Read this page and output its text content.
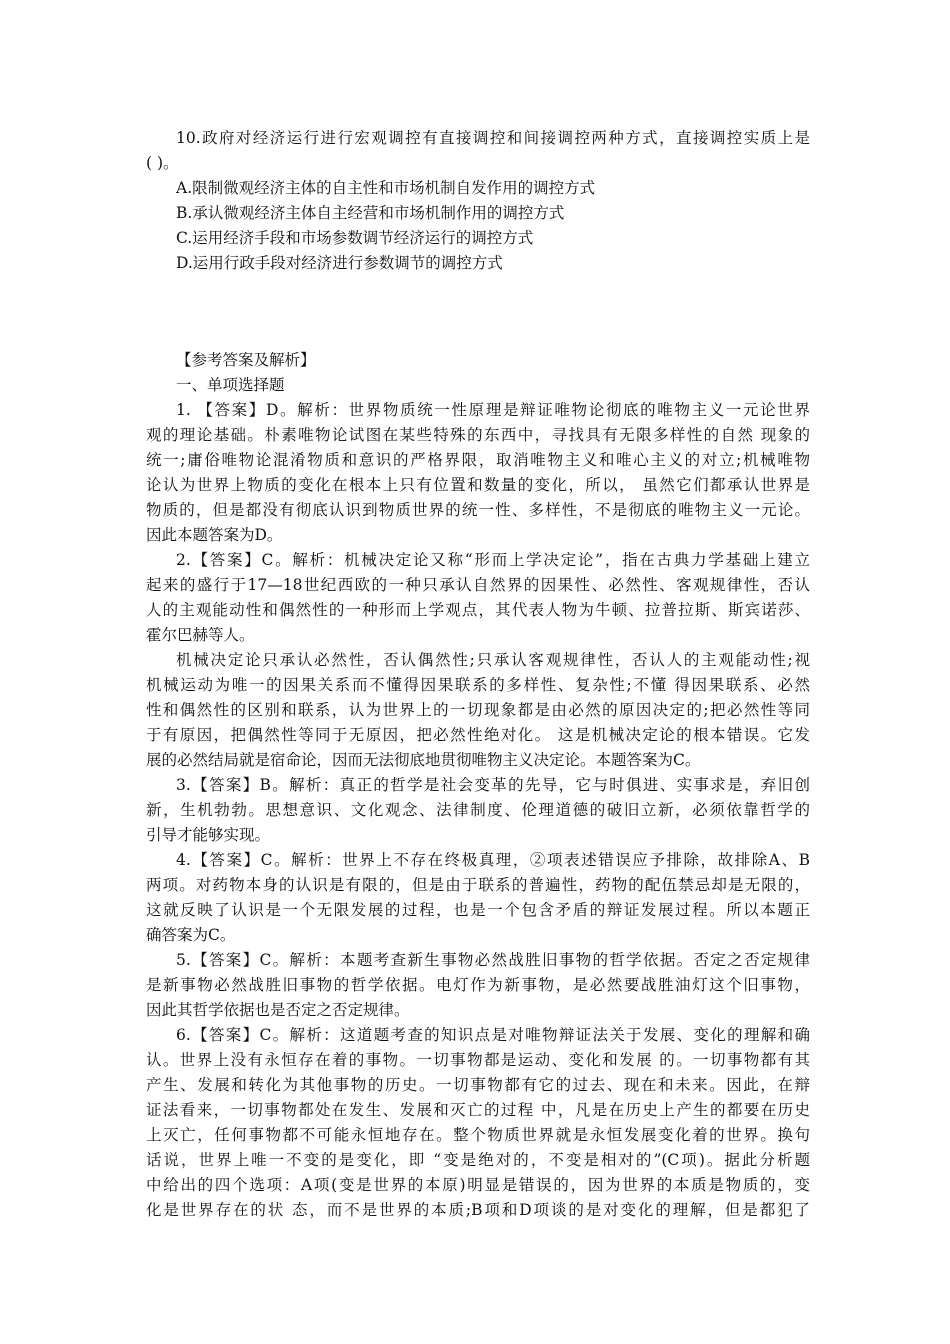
10.政府对经济运行进行宏观调控有直接调控和间接调控两种方式，直接调控实质上是
( )。
A.限制微观经济主体的自主性和市场机制自发作用的调控方式
B.承认微观经济主体自主经营和市场机制作用的调控方式
C.运用经济手段和市场参数调节经济运行的调控方式
D.运用行政手段对经济进行参数调节的调控方式
【参考答案及解析】
一、单项选择题
1. 【答案】D。解析：世界物质统一性原理是辩证唯物论彻底的唯物主义一元论世界
观的理论基础。朴素唯物论试图在某些特殊的东西中，寻找具有无限多样性的自然 现象的
统一;庸俗唯物论混淆物质和意识的严格界限，取消唯物主义和唯心主义的对立;机械唯物
论认为世界上物质的变化在根本上只有位置和数量的变化，所以， 虽然它们都承认世界是
物质的，但是都没有彻底认识到物质世界的统一性、多样性，不是彻底的唯物主义一元论。
因此本题答案为D。
2.【答案】C。解析：机械决定论又称“形而上学决定论”，指在古典力学基础上建立
起来的盛行于17—18世纪西欧的一种只承认自然界的因果性、必然性、客观规律性，否认
人的主观能动性和偶然性的一种形而上学观点，其代表人物为牛顿、拉普拉斯、斯宾诺莎、
霍尔巴赫等人。
机械决定论只承认必然性，否认偶然性;只承认客观规律性，否认人的主观能动性;视
机械运动为唯一的因果关系而不懂得因果联系的多样性、复杂性;不懂 得因果联系、必然
性和偶然性的区别和联系，认为世界上的一切现象都是由必然的原因决定的;把必然性等同
于有原因，把偶然性等同于无原因，把必然性绝对化。 这是机械决定论的根本错误。它发
展的必然结局就是宿命论，因而无法彻底地贯彻唯物主义决定论。本题答案为C。
3.【答案】B。解析：真正的哲学是社会变革的先导，它与时俱进、实事求是，弃旧创
新，生机勃勃。思想意识、文化观念、法律制度、伦理道德的破旧立新，必须依靠哲学的
引导才能够实现。
4.【答案】C。解析：世界上不存在终极真理，②项表述错误应予排除，故排除A、B
两项。对药物本身的认识是有限的，但是由于联系的普遍性，药物的配伍禁忌却是无限的，
这就反映了认识是一个无限发展的过程，也是一个包含矛盾的辩证发展过程。所以本题正
确答案为C。
5.【答案】C。解析：本题考查新生事物必然战胜旧事物的哲学依据。否定之否定规律
是新事物必然战胜旧事物的哲学依据。电灯作为新事物，是必然要战胜油灯这个旧事物，
因此其哲学依据也是否定之否定规律。
6.【答案】C。解析：这道题考查的知识点是对唯物辩证法关于发展、变化的理解和确
认。世界上没有永恒存在着的事物。一切事物都是运动、变化和发展 的。一切事物都有其
产生、发展和转化为其他事物的历史。一切事物都有它的过去、现在和未来。因此，在辩
证法看来，一切事物都处在发生、发展和灭亡的过程 中，凡是在历史上产生的都要在历史
上灭亡，任何事物都不可能永恒地存在。整个物质世界就是永恒发展变化着的世界。换句
话说，世界上唯一不变的是变化，即 “变是绝对的，不变是相对的”(C项)。据此分析题
中给出的四个选项：A项(变是世界的本原)明显是错误的，因为世界的本质是物质的，变
化是世界存在的状 态，而不是世界的本质;B项和D项谈的是对变化的理解，但是都犯了
